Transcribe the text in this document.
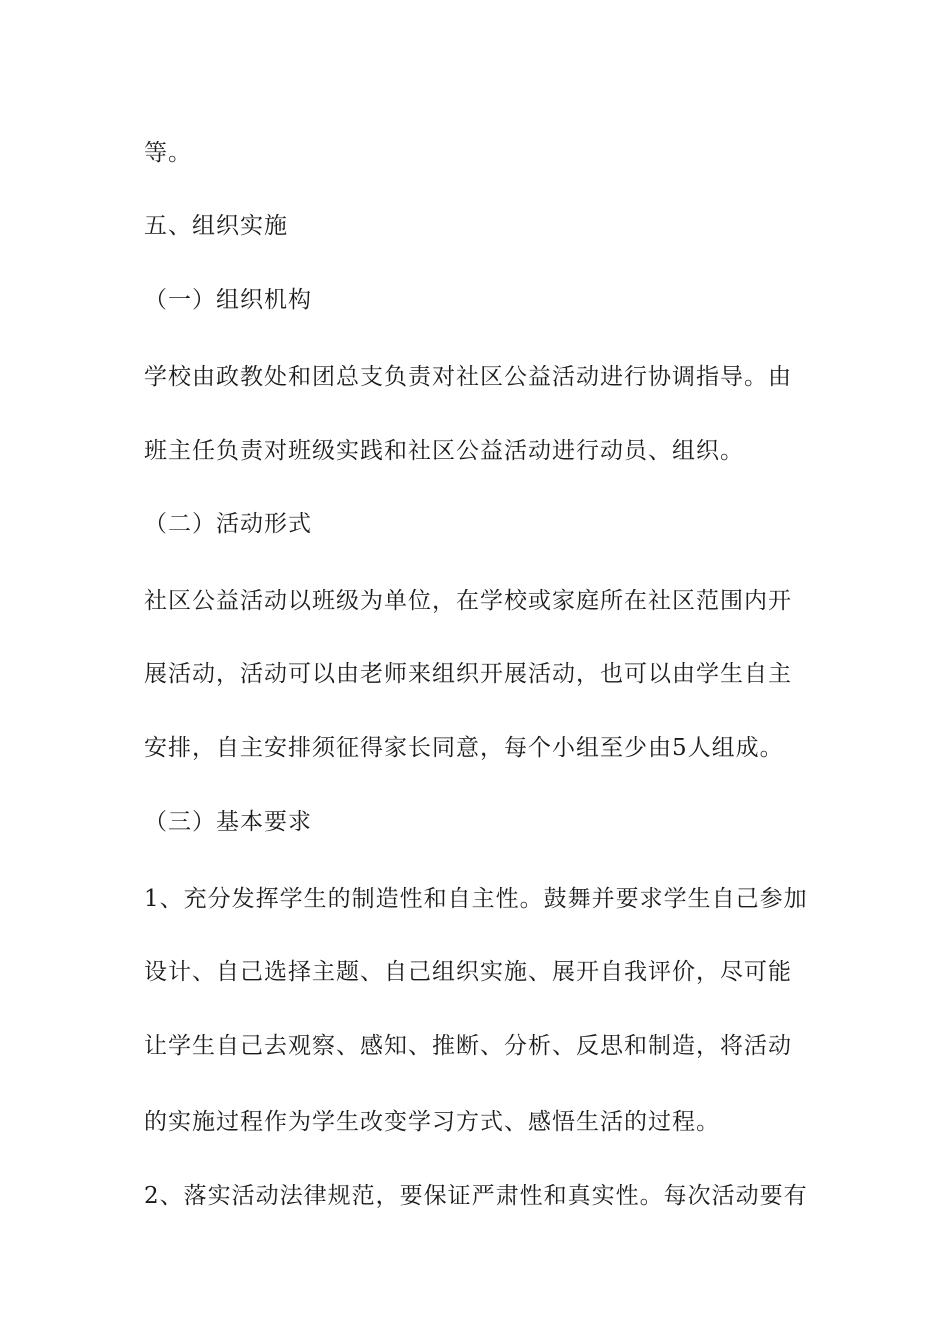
等。
五、组织实施
（一）组织机构
学校由政教处和团总支负责对社区公益活动进行协调指导。由
班主任负责对班级实践和社区公益活动进行动员、组织。
（二）活动形式
社区公益活动以班级为单位，在学校或家庭所在社区范围内开
展活动，活动可以由老师来组织开展活动，也可以由学生自主
安排，自主安排须征得家长同意，每个小组至少由5人组成。
（三）基本要求
1、充分发挥学生的制造性和自主性。鼓舞并要求学生自己参加
设计、自己选择主题、自己组织实施、展开自我评价，尽可能
让学生自己去观察、感知、推断、分析、反思和制造，将活动
的实施过程作为学生改变学习方式、感悟生活的过程。
2、落实活动法律规范，要保证严肃性和真实性。每次活动要有
